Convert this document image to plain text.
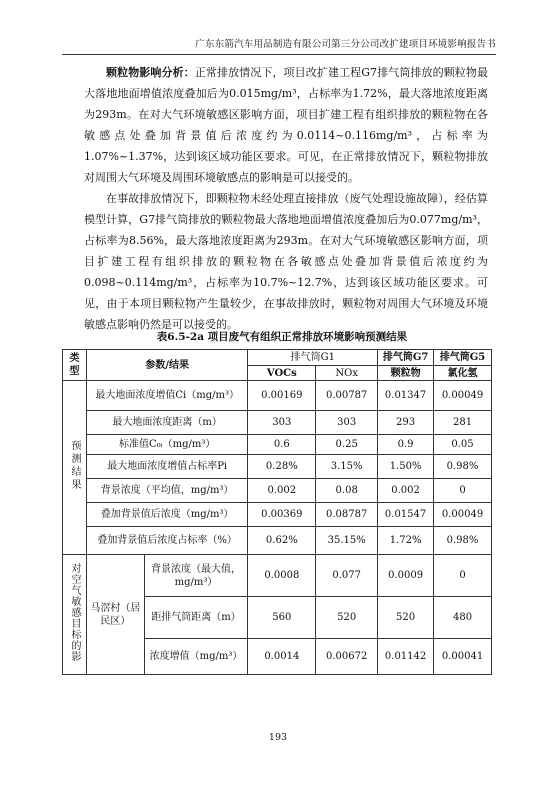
广东东箭汽车用品制造有限公司第三分公司改扩建项目环境影响报告书

颗粒物影响分析：正常排放情况下，项目改扩建工程G7排气筒排放的颗粒物最大落地地面增值浓度叠加后为0.015mg/m³，占标率为1.72%，最大落地浓度距离为293m。在对大气环境敏感区影响方面，项目扩建工程有组织排放的颗粒物在各敏感点处叠加背景值后浓度约为0.0114~0.116mg/m³，占标率为1.07%~1.37%，达到该区域功能区要求。可见，在正常排放情况下，颗粒物排放对周围大气环境及周围环境敏感点的影响是可以接受的。

在事故排放情况下，即颗粒物未经处理直接排放（废气处理设施故障），经估算模型计算，G7排气筒排放的颗粒物最大落地地面增值浓度叠加后为0.077mg/m³，占标率为8.56%，最大落地浓度距离为293m。在对大气环境敏感区影响方面，项目扩建工程有组织排放的颗粒物在各敏感点处叠加背景值后浓度约为0.098~0.114mg/m³，占标率为10.7%~12.7%，达到该区域功能区要求。可见，由于本项目颗粒物产生量较少，在事故排放时，颗粒物对周围大气环境及环境敏感点影响仍然是可以接受的。

表6.5-2a 项目废气有组织正常排放环境影响预测结果
类型	参数/结果		排气筒G1		排气筒G7	排气筒G5
			VOCs	NOx	颗粒物	氯化氢
预测结果	最大地面浓度增值Ci（mg/m³）		0.00169	0.00787	0.01347	0.00049
	最大地面浓度距离（m）		303	303	293	281
	标准值C₀ᵢ（mg/m³）		0.6	0.25	0.9	0.05
	最大地面浓度增值占标率Pi		0.28%	3.15%	1.50%	0.98%
	背景浓度（平均值，mg/m³）		0.002	0.08	0.002	0
	叠加背景值后浓度（mg/m³）		0.00369	0.08787	0.01547	0.00049
	叠加背景值后浓度占标率（%）		0.62%	35.15%	1.72%	0.98%
对空气敏感目标的影	马滘村（居民区）	背景浓度（最大值，mg/m³）	0.0008	0.077	0.0009	0
		距排气筒距离（m）	560	520	520	480
		浓度增值（mg/m³）	0.0014	0.00672	0.01142	0.00041
193
